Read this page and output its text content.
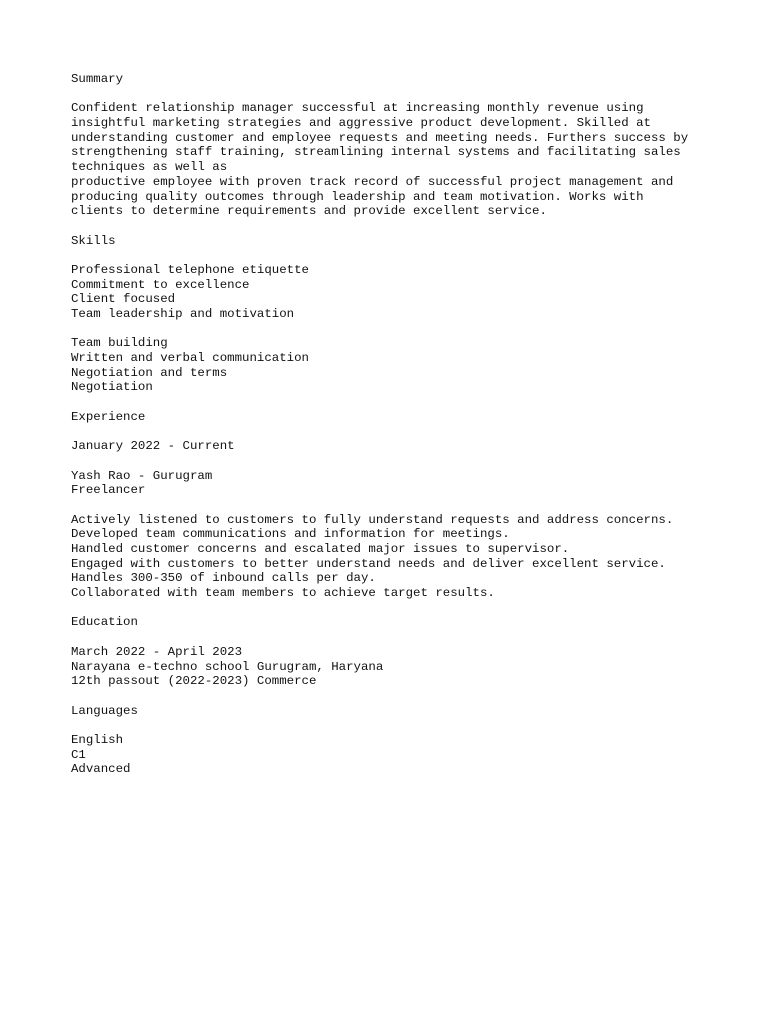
Summary
Confident relationship manager successful at increasing monthly revenue using
insightful marketing strategies and aggressive product development. Skilled at
understanding customer and employee requests and meeting needs. Furthers success by
strengthening staff training, streamlining internal systems and facilitating sales
techniques as well as
productive employee with proven track record of successful project management and
producing quality outcomes through leadership and team motivation. Works with
clients to determine requirements and provide excellent service.
Skills
Professional telephone etiquette
Commitment to excellence
Client focused
Team leadership and motivation
Team building
Written and verbal communication
Negotiation and terms
Negotiation
Experience
January 2022 - Current
Yash Rao - Gurugram
Freelancer
Actively listened to customers to fully understand requests and address concerns.
Developed team communications and information for meetings.
Handled customer concerns and escalated major issues to supervisor.
Engaged with customers to better understand needs and deliver excellent service.
Handles 300-350 of inbound calls per day.
Collaborated with team members to achieve target results.
Education
March 2022 - April 2023
Narayana e-techno school Gurugram, Haryana
12th passout (2022-2023) Commerce
Languages
English
C1
Advanced
